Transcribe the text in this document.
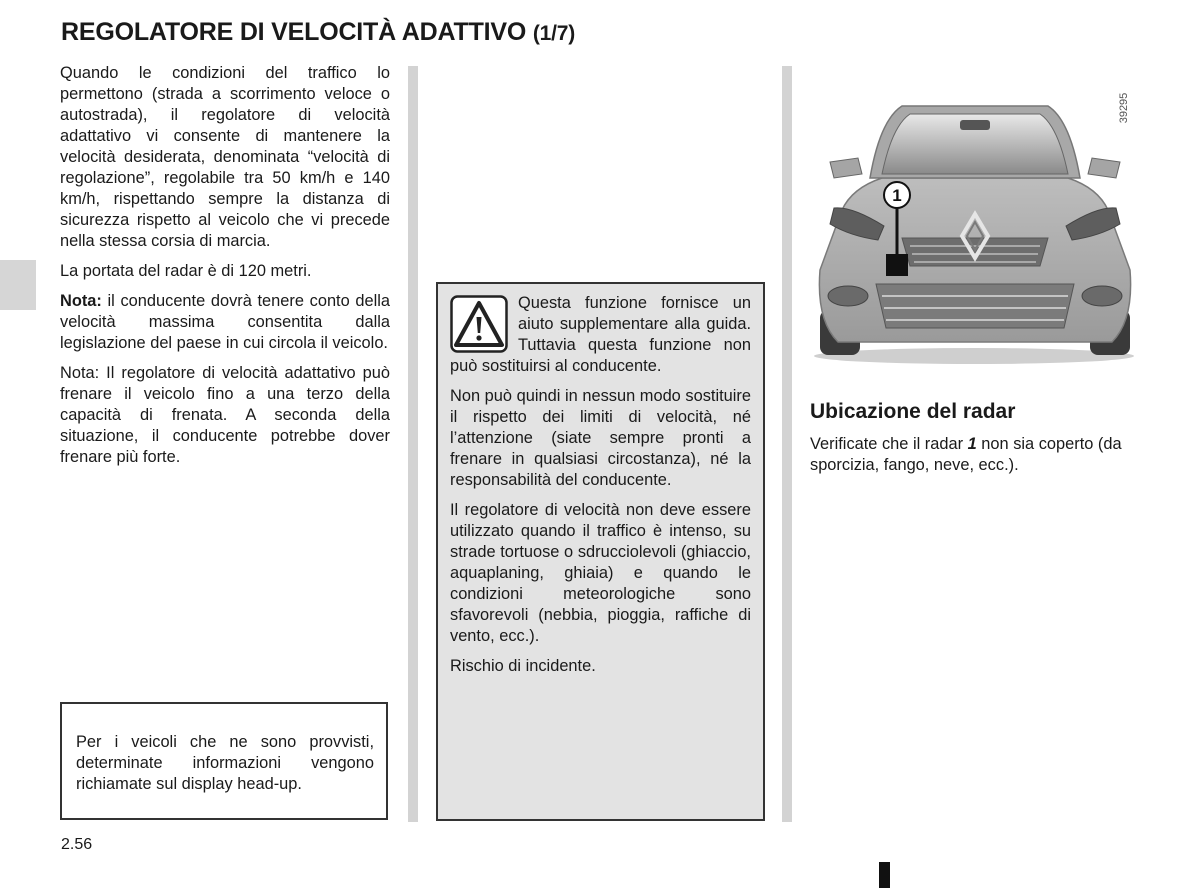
REGOLATORE DI VELOCITÀ ADATTIVO (1/7)

Quando le condizioni del traffico lo permettono (strada a scorrimento veloce o autostrada), il regolatore di velocità adattativo vi consente di mantenere la velocità desiderata, denominata “velocità di regolazione”, regolabile tra 50 km/h e 140 km/h, rispettando sempre la distanza di sicurezza rispetto al veicolo che vi precede nella stessa corsia di marcia.

La portata del radar è di 120 metri.

Nota: il conducente dovrà tenere conto della velocità massima consentita dalla legislazione del paese in cui circola il veicolo.

Nota: Il regolatore di velocità adattativo può frenare il veicolo fino a una terzo della capacità di frenata. A seconda della situazione, il conducente potrebbe dover frenare più forte.

Per i veicoli che ne sono provvisti, determinate informazioni vengono richiamate sul display head-up.

Questa funzione fornisce un aiuto supplementare alla guida. Tuttavia questa funzione non può sostituirsi al conducente.

Non può quindi in nessun modo sostituire il rispetto dei limiti di velocità, né l’attenzione (siate sempre pronti a frenare in qualsiasi circostanza), né la responsabilità del conducente.

Il regolatore di velocità non deve essere utilizzato quando il traffico è intenso, su strade tortuose o sdrucciolevoli (ghiaccio, aquaplaning, ghiaia) e quando le condizioni meteorologiche sono sfavorevoli (nebbia, pioggia, raffiche di vento, ecc.).

Rischio di incidente.

1
39295
Ubicazione del radar
Verificate che il radar 1 non sia coperto (da sporcizia, fango, neve, ecc.).
2.56
